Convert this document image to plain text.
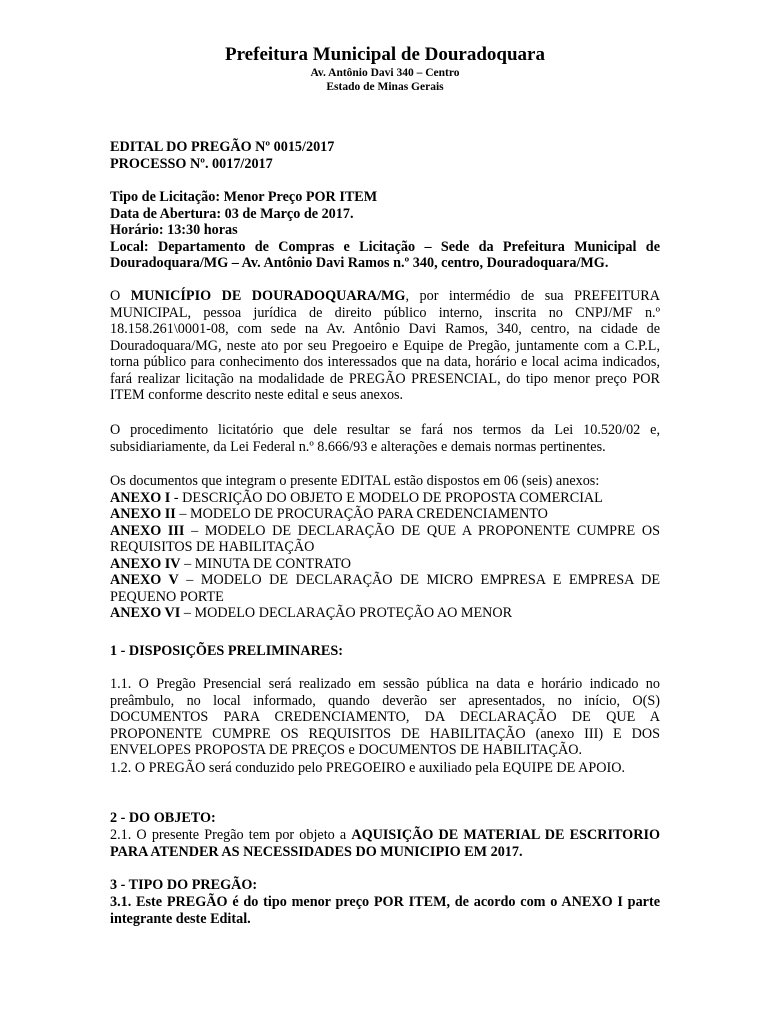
Prefeitura Municipal de Douradoquara
Av. Antônio Davi 340 – Centro
Estado de Minas Gerais
EDITAL DO PREGÃO Nº 0015/2017
PROCESSO Nº. 0017/2017
Tipo de Licitação: Menor Preço POR ITEM
Data de Abertura: 03 de Março de 2017.
Horário: 13:30 horas
Local: Departamento de Compras e Licitação – Sede da Prefeitura Municipal de Douradoquara/MG – Av. Antônio Davi Ramos n.º 340, centro, Douradoquara/MG.

O MUNICÍPIO DE DOURADOQUARA/MG, por intermédio de sua PREFEITURA MUNICIPAL, pessoa jurídica de direito público interno, inscrita no CNPJ/MF n.º 18.158.261\0001-08, com sede na Av. Antônio Davi Ramos, 340, centro, na cidade de Douradoquara/MG, neste ato por seu Pregoeiro e Equipe de Pregão, juntamente com a C.P.L, torna público para conhecimento dos interessados que na data, horário e local acima indicados, fará realizar licitação na modalidade de PREGÃO PRESENCIAL, do tipo menor preço POR ITEM conforme descrito neste edital e seus anexos.

O procedimento licitatório que dele resultar se fará nos termos da Lei 10.520/02 e, subsidiariamente, da Lei Federal n.º 8.666/93 e alterações e demais normas pertinentes.

Os documentos que integram o presente EDITAL estão dispostos em 06 (seis) anexos:

ANEXO I - DESCRIÇÃO DO OBJETO E MODELO DE PROPOSTA COMERCIAL

ANEXO II – MODELO DE PROCURAÇÃO PARA CREDENCIAMENTO

ANEXO III – MODELO DE DECLARAÇÃO DE QUE A PROPONENTE CUMPRE OS REQUISITOS DE HABILITAÇÃO

ANEXO IV – MINUTA DE CONTRATO

ANEXO V – MODELO DE DECLARAÇÃO DE MICRO EMPRESA E EMPRESA DE PEQUENO PORTE

ANEXO VI – MODELO DECLARAÇÃO PROTEÇÃO AO MENOR

1 - DISPOSIÇÕES PRELIMINARES:

1.1. O Pregão Presencial será realizado em sessão pública na data e horário indicado no preâmbulo, no local informado, quando deverão ser apresentados, no início, O(S) DOCUMENTOS PARA CREDENCIAMENTO, DA DECLARAÇÃO DE QUE A PROPONENTE CUMPRE OS REQUISITOS DE HABILITAÇÃO (anexo III) E DOS ENVELOPES PROPOSTA DE PREÇOS e DOCUMENTOS DE HABILITAÇÃO.

1.2. O PREGÃO será conduzido pelo PREGOEIRO e auxiliado pela EQUIPE DE APOIO.

2 - DO OBJETO:

2.1. O presente Pregão tem por objeto a AQUISIÇÃO DE MATERIAL DE ESCRITORIO PARA ATENDER AS NECESSIDADES DO MUNICIPIO EM 2017.

3 - TIPO DO PREGÃO:

3.1. Este PREGÃO é do tipo menor preço POR ITEM, de acordo com o ANEXO I parte integrante deste Edital.
